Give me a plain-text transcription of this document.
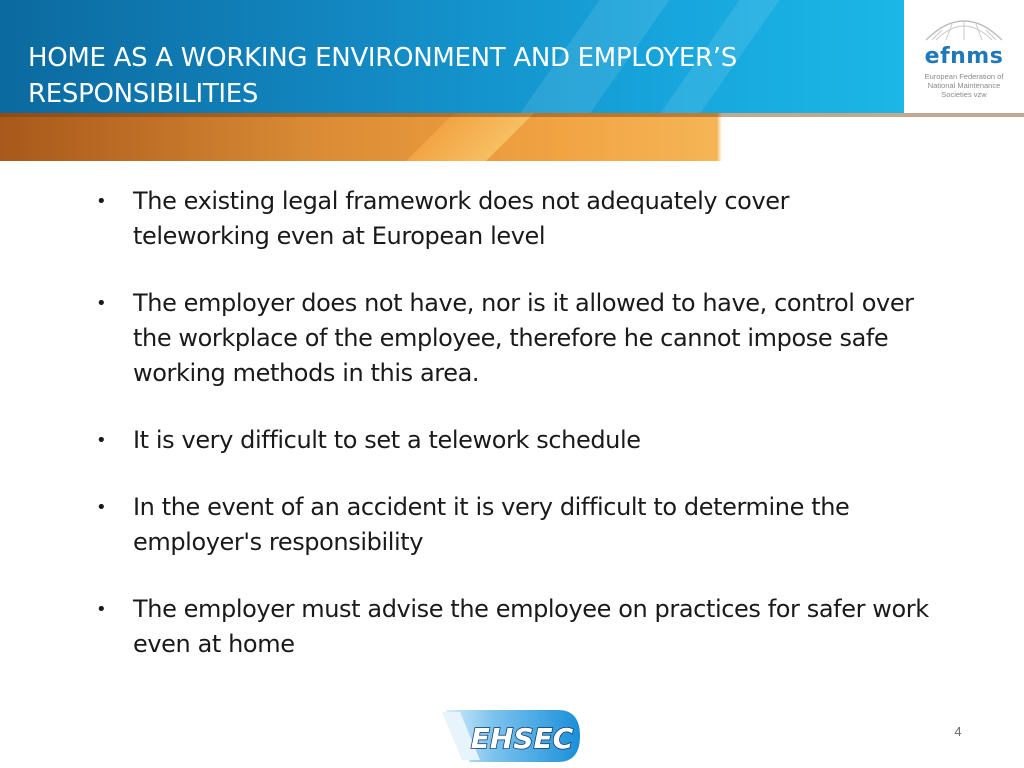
HOME AS A WORKING ENVIRONMENT AND EMPLOYER’S
RESPONSIBILITIES
efnms
European Federation of
National Maintenance
Societies vzw
• The existing legal framework does not adequately cover teleworking even at European level
• The employer does not have, nor is it allowed to have, control over the workplace of the employee, therefore he cannot impose safe working methods in this area.
• It is very difficult to set a telework schedule
• In the event of an accident it is very difficult to determine the employer's responsibility
• The employer must advise the employee on practices for safer work even at home
EHSEC	4
